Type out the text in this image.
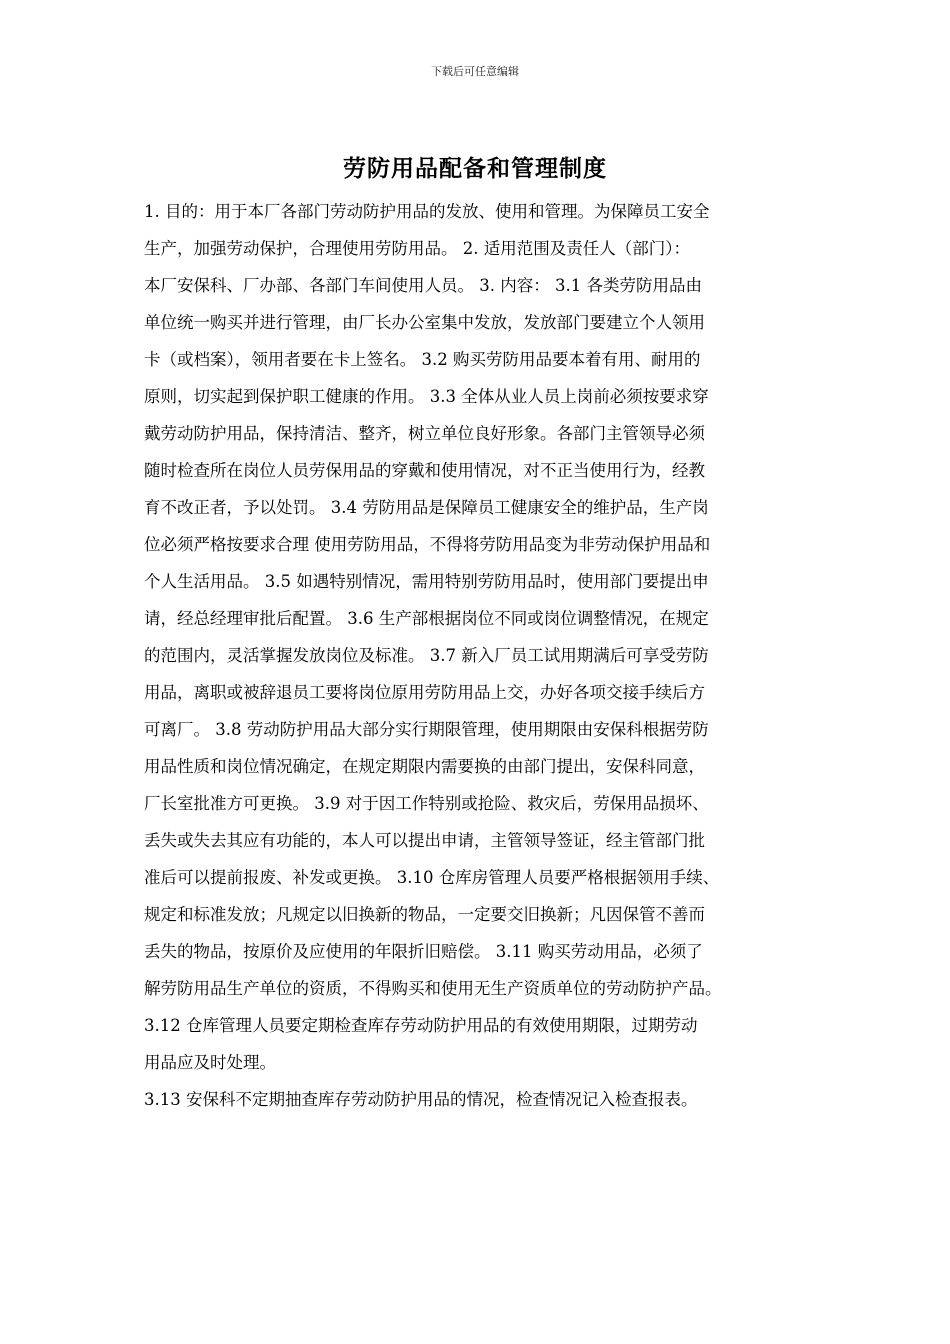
下载后可任意编辑
劳防用品配备和管理制度
1. 目的：用于本厂各部门劳动防护用品的发放、使用和管理。为保障员工安全
生产，加强劳动保护，合理使用劳防用品。 2. 适用范围及责任人（部门）：
本厂安保科、厂办部、各部门车间使用人员。 3. 内容： 3.1 各类劳防用品由
单位统一购买并进行管理，由厂长办公室集中发放，发放部门要建立个人领用
卡（或档案），领用者要在卡上签名。 3.2 购买劳防用品要本着有用、耐用的
原则，切实起到保护职工健康的作用。 3.3 全体从业人员上岗前必须按要求穿
戴劳动防护用品，保持清洁、整齐，树立单位良好形象。各部门主管领导必须
随时检查所在岗位人员劳保用品的穿戴和使用情况，对不正当使用行为，经教
育不改正者，予以处罚。 3.4 劳防用品是保障员工健康安全的维护品，生产岗
位必须严格按要求合理 使用劳防用品，不得将劳防用品变为非劳动保护用品和
个人生活用品。 3.5 如遇特别情况，需用特别劳防用品时，使用部门要提出申
请，经总经理审批后配置。 3.6 生产部根据岗位不同或岗位调整情况，在规定
的范围内，灵活掌握发放岗位及标准。 3.7 新入厂员工试用期满后可享受劳防
用品，离职或被辞退员工要将岗位原用劳防用品上交，办好各项交接手续后方
可离厂。 3.8 劳动防护用品大部分实行期限管理，使用期限由安保科根据劳防
用品性质和岗位情况确定，在规定期限内需要换的由部门提出，安保科同意，
厂长室批准方可更换。 3.9 对于因工作特别或抢险、救灾后，劳保用品损坏、
丢失或失去其应有功能的，本人可以提出申请，主管领导签证，经主管部门批
准后可以提前报废、补发或更换。 3.10 仓库房管理人员要严格根据领用手续、
规定和标准发放；凡规定以旧换新的物品，一定要交旧换新；凡因保管不善而
丢失的物品，按原价及应使用的年限折旧赔偿。 3.11 购买劳动用品，必须了
解劳防用品生产单位的资质，不得购买和使用无生产资质单位的劳动防护产品。
3.12 仓库管理人员要定期检查库存劳动防护用品的有效使用期限，过期劳动
用品应及时处理。
3.13 安保科不定期抽查库存劳动防护用品的情况，检查情况记入检查报表。
